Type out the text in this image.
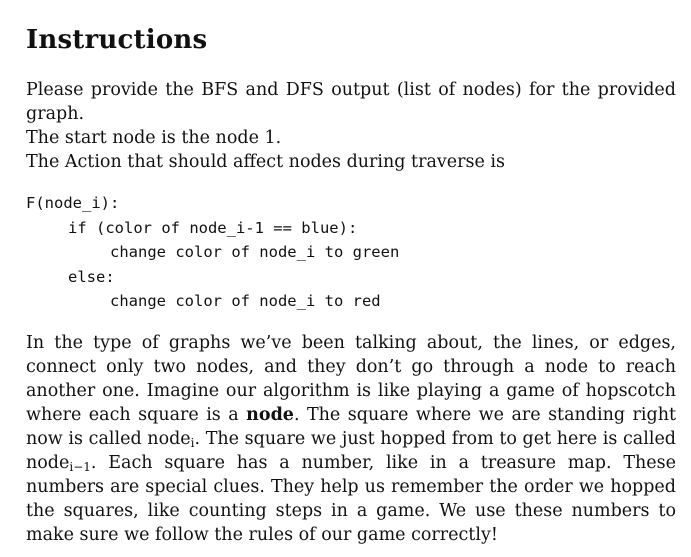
Instructions

Please provide the BFS and DFS output (list of nodes) for the provided graph.

The start node is the node 1.

The Action that should affect nodes during traverse is

F(node_i):
if (color of node_i-1 == blue):
change color of node_i to green
else:
change color of node_i to red

In the type of graphs we’ve been talking about, the lines, or edges, connect only two nodes, and they don’t go through a node to reach another one. Imagine our algorithm is like playing a game of hopscotch where each square is a node. The square where we are standing right now is called node$_i$. The square we just hopped from to get here is called node$_{i-1}$. Each square has a number, like in a treasure map. These numbers are special clues. They help us remember the order we hopped the squares, like counting steps in a game. We use these numbers to make sure we follow the rules of our game correctly!
